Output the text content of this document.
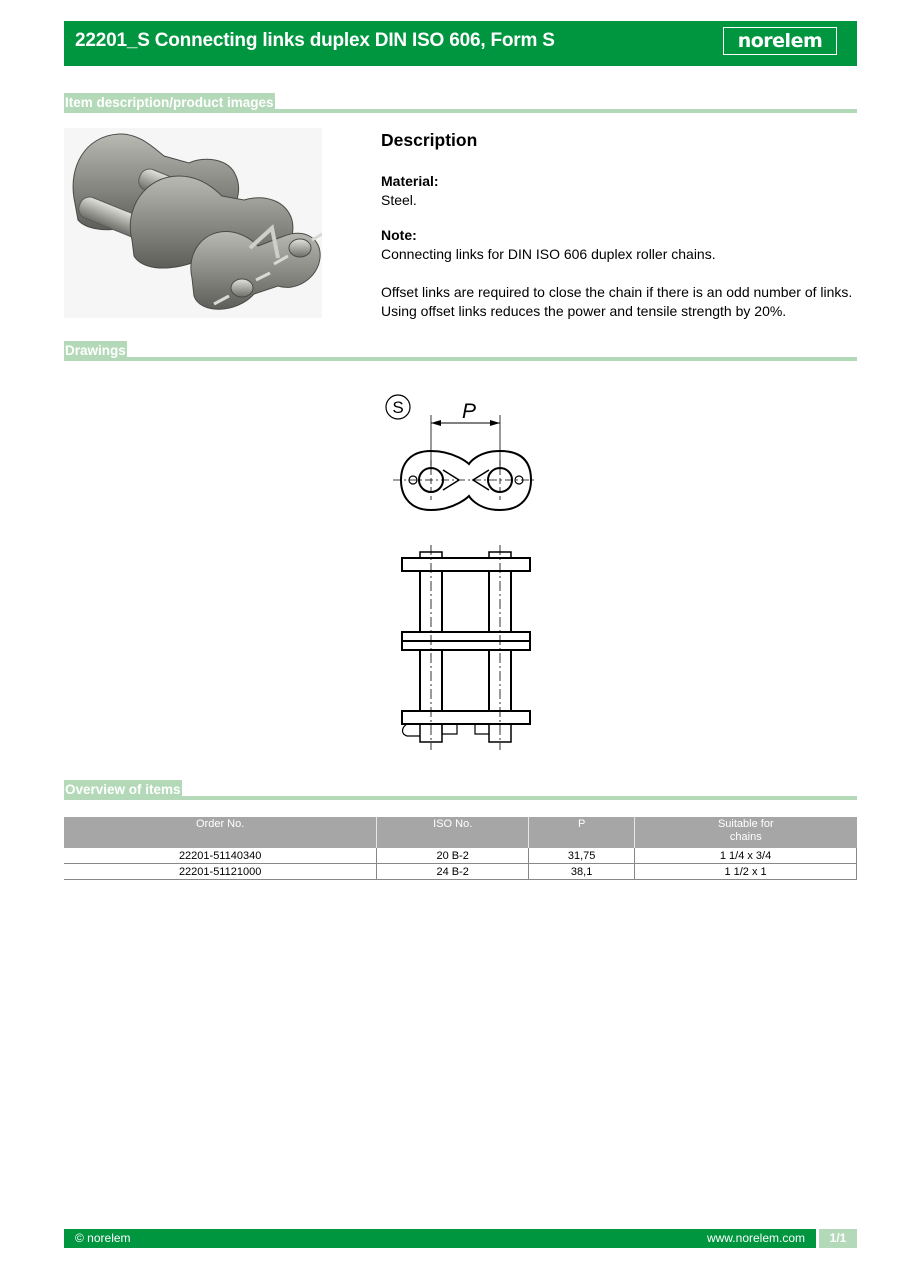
22201_S Connecting links duplex DIN ISO 606, Form S	norelem
Item description/product images
Description
Material:
Steel.
Note:
Connecting links for DIN ISO 606 duplex roller chains.
Offset links are required to close the chain if there is an odd number of links. Using offset links reduces the power and tensile strength by 20%.
Drawings
S	P
Overview of items
Order No.	ISO No.	P	Suitable for chains

22201-51140340	20 B-2	31,75	1 1/4 x 3/4
22201-51121000	24 B-2	38,1	1 1/2 x 1
© norelem	www.norelem.com	1/1
